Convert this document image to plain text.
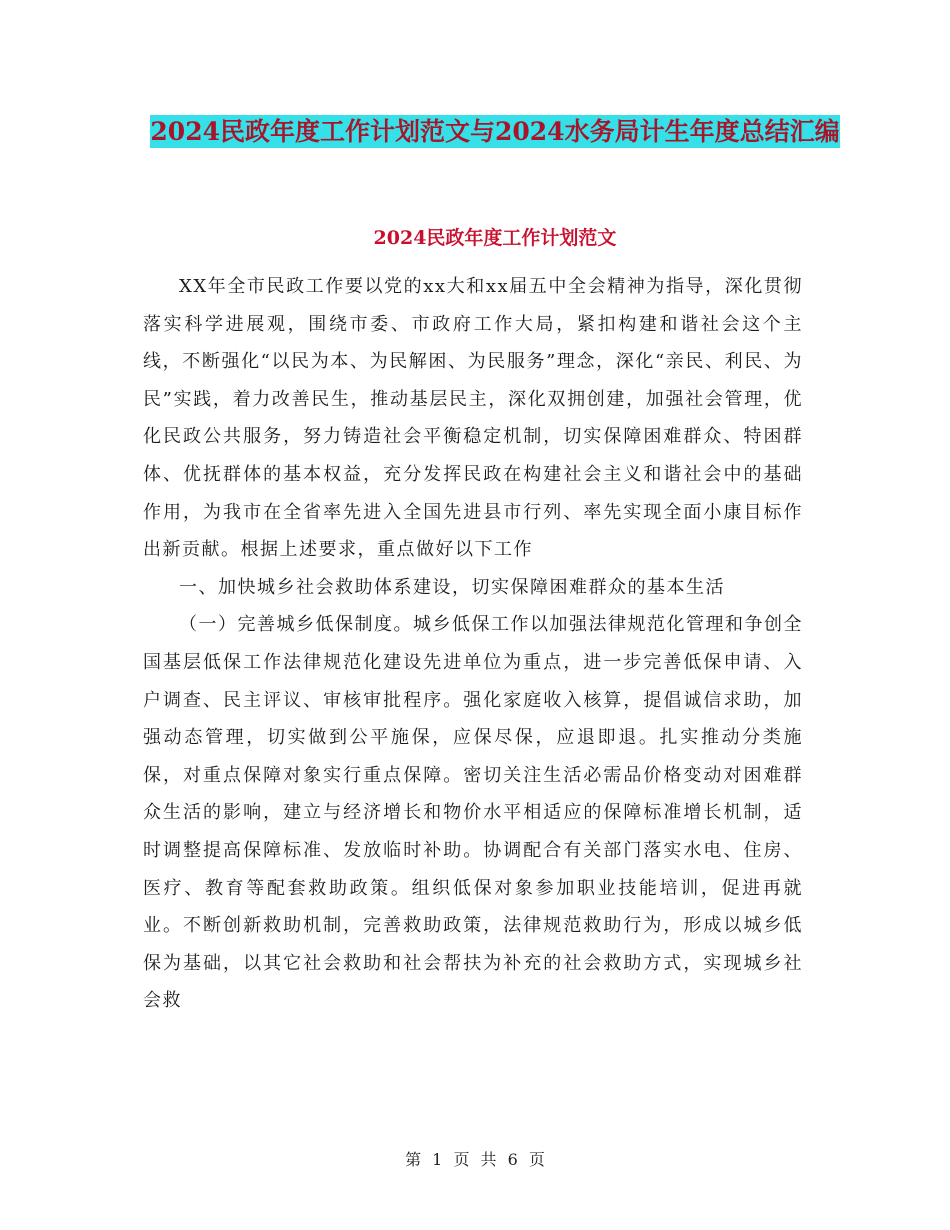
2024民政年度工作计划范文与2024水务局计生年度总结汇编
2024民政年度工作计划范文

XX年全市民政工作要以党的xx大和xx届五中全会精神为指导，深化贯彻落实科学进展观，围绕市委、市政府工作大局，紧扣构建和谐社会这个主线，不断强化“以民为本、为民解困、为民服务”理念，深化“亲民、利民、为民”实践，着力改善民生，推动基层民主，深化双拥创建，加强社会管理，优化民政公共服务，努力铸造社会平衡稳定机制，切实保障困难群众、特困群体、优抚群体的基本权益，充分发挥民政在构建社会主义和谐社会中的基础作用，为我市在全省率先进入全国先进县市行列、率先实现全面小康目标作出新贡献。根据上述要求，重点做好以下工作

一、加快城乡社会救助体系建设，切实保障困难群众的基本生活

（一）完善城乡低保制度。城乡低保工作以加强法律规范化管理和争创全国基层低保工作法律规范化建设先进单位为重点，进一步完善低保申请、入户调查、民主评议、审核审批程序。强化家庭收入核算，提倡诚信求助，加强动态管理，切实做到公平施保，应保尽保，应退即退。扎实推动分类施保，对重点保障对象实行重点保障。密切关注生活必需品价格变动对困难群众生活的影响，建立与经济增长和物价水平相适应的保障标准增长机制，适时调整提高保障标准、发放临时补助。协调配合有关部门落实水电、住房、医疗、教育等配套救助政策。组织低保对象参加职业技能培训，促进再就业。不断创新救助机制，完善救助政策，法律规范救助行为，形成以城乡低保为基础，以其它社会救助和社会帮扶为补充的社会救助方式，实现城乡社会救

第 1 页 共 6 页
